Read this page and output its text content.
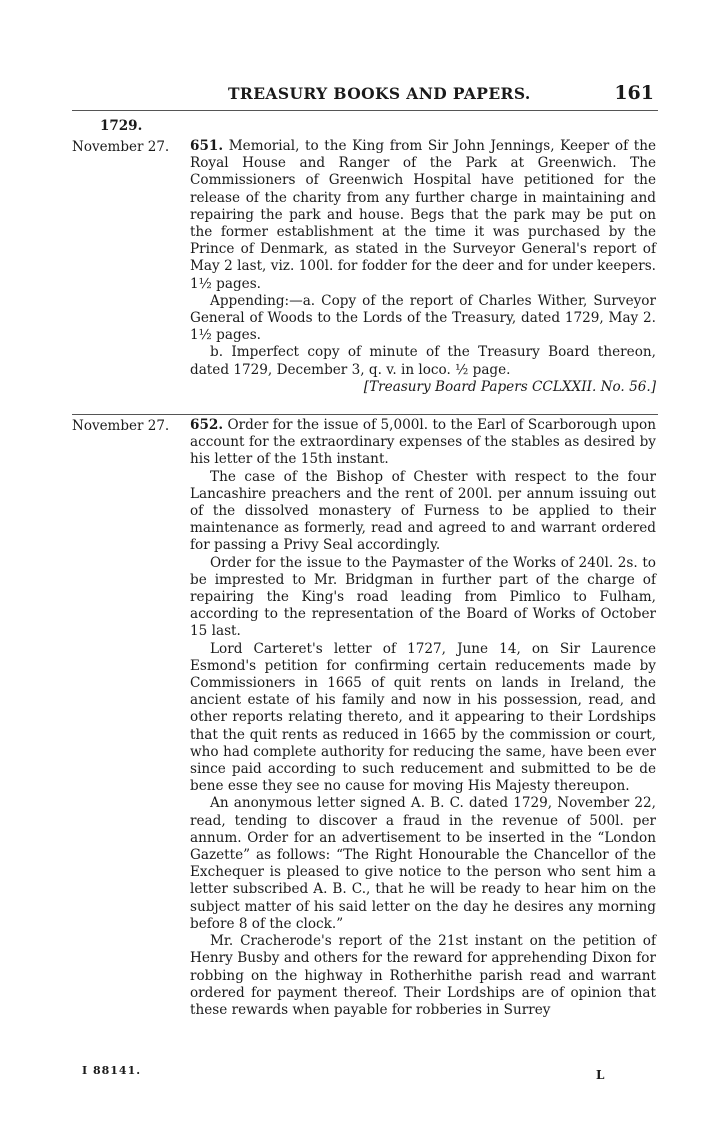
TREASURY BOOKS AND PAPERS.	161
1729.
November 27.	651. Memorial, to the King from Sir John Jennings, Keeper of the Royal House and Ranger of the Park at Greenwich. The Commissioners of Greenwich Hospital have petitioned for the release of the charity from any further charge in maintaining and repairing the park and house. Begs that the park may be put on the former establishment at the time it was purchased by the Prince of Denmark, as stated in the Surveyor General's report of May 2 last, viz. 100l. for fodder for the deer and for under keepers. 1½ pages.

Appending:—a. Copy of the report of Charles Wither, Surveyor General of Woods to the Lords of the Treasury, dated 1729, May 2. 1½ pages.

b. Imperfect copy of minute of the Treasury Board thereon, dated 1729, December 3, q. v. in loco. ½ page.

[Treasury Board Papers CCLXXII. No. 56.]

November 27.	652. Order for the issue of 5,000l. to the Earl of Scarborough upon account for the extraordinary expenses of the stables as desired by his letter of the 15th instant.

The case of the Bishop of Chester with respect to the four Lancashire preachers and the rent of 200l. per annum issuing out of the dissolved monastery of Furness to be applied to their maintenance as formerly, read and agreed to and warrant ordered for passing a Privy Seal accordingly.

Order for the issue to the Paymaster of the Works of 240l. 2s. to be imprested to Mr. Bridgman in further part of the charge of repairing the King's road leading from Pimlico to Fulham, according to the representation of the Board of Works of October 15 last.

Lord Carteret's letter of 1727, June 14, on Sir Laurence Esmond's petition for confirming certain reducements made by Commissioners in 1665 of quit rents on lands in Ireland, the ancient estate of his family and now in his possession, read, and other reports relating thereto, and it appearing to their Lordships that the quit rents as reduced in 1665 by the commission or court, who had complete authority for reducing the same, have been ever since paid according to such reducement and submitted to be de bene esse they see no cause for moving His Majesty thereupon.

An anonymous letter signed A. B. C. dated 1729, November 22, read, tending to discover a fraud in the revenue of 500l. per annum. Order for an advertisement to be inserted in the “London Gazette” as follows: “The Right Honourable the Chancellor of the Exchequer is pleased to give notice to the person who sent him a letter subscribed A. B. C., that he will be ready to hear him on the subject matter of his said letter on the day he desires any morning before 8 of the clock.”

Mr. Cracherode's report of the 21st instant on the petition of Henry Busby and others for the reward for apprehending Dixon for robbing on the highway in Rotherhithe parish read and warrant ordered for payment thereof. Their Lordships are of opinion that these rewards when payable for robberies in Surrey

I 88141.	L
